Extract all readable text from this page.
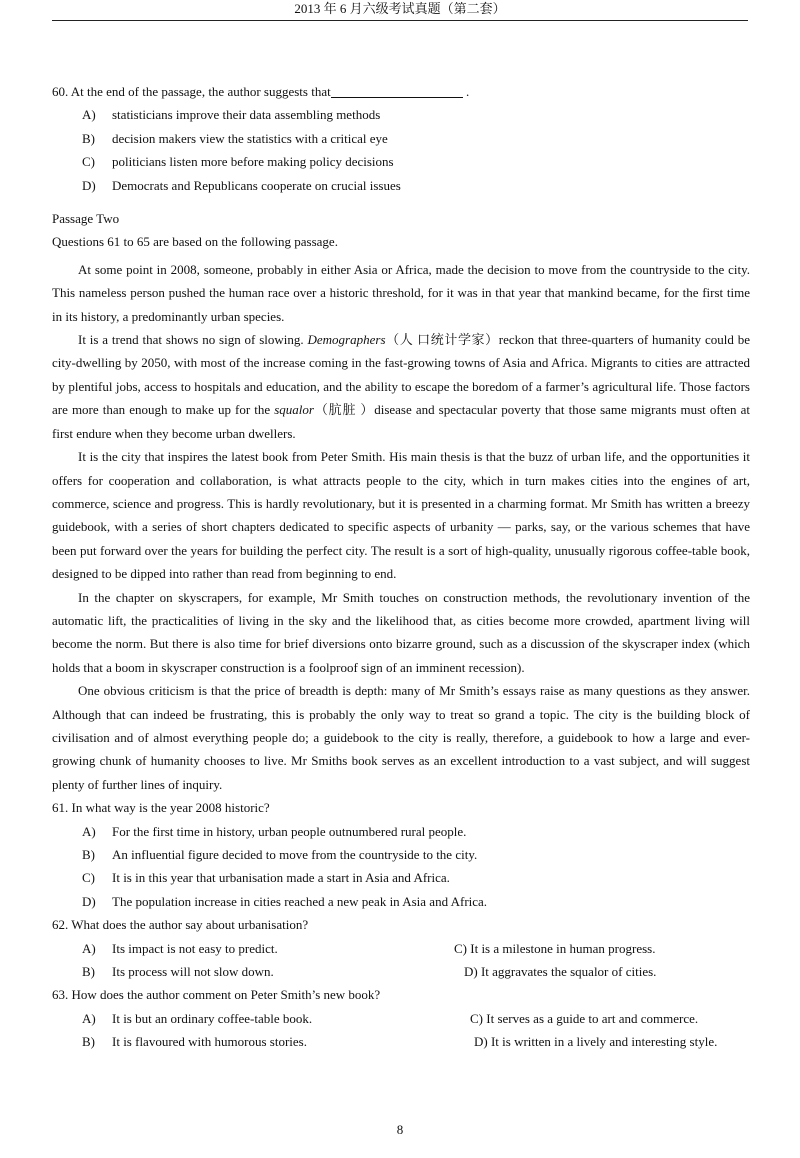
2013 年 6 月六级考试真题（第二套）

60. At the end of the passage, the author suggests that	.

A)	statisticians improve their data assembling methods
B)	decision makers view the statistics with a critical eye
C)	politicians listen more before making policy decisions
D)	Democrats and Republicans cooperate on crucial issues

Passage Two

Questions 61 to 65 are based on the following passage.

At some point in 2008, someone, probably in either Asia or Africa, made the decision to move from the countryside to the city. This nameless person pushed the human race over a historic threshold, for it was in that year that mankind became, for the first time in its history, a predominantly urban species.

It is a trend that shows no sign of slowing. Demographers（人 口统计学家）reckon that three-quarters of humanity could be city-dwelling by 2050, with most of the increase coming in the fast-growing towns of Asia and Africa. Migrants to cities are attracted by plentiful jobs, access to hospitals and education, and the ability to escape the boredom of a farmer’s agricultural life. Those factors are more than enough to make up for the squalor（肮脏 ）disease and spectacular poverty that those same migrants must often at first endure when they become urban dwellers.

It is the city that inspires the latest book from Peter Smith. His main thesis is that the buzz of urban life, and the opportunities it offers for cooperation and collaboration, is what attracts people to the city, which in turn makes cities into the engines of art, commerce, science and progress. This is hardly revolutionary, but it is presented in a charming format. Mr Smith has written a breezy guidebook, with a series of short chapters dedicated to specific aspects of urbanity — parks, say, or the various schemes that have been put forward over the years for building the perfect city. The result is a sort of high-quality, unusually rigorous coffee-table book, designed to be dipped into rather than read from beginning to end.

In the chapter on skyscrapers, for example, Mr Smith touches on construction methods, the revolutionary invention of the automatic lift, the practicalities of living in the sky and the likelihood that, as cities become more crowded, apartment living will become the norm. But there is also time for brief diversions onto bizarre ground, such as a discussion of the skyscraper index (which holds that a boom in skyscraper construction is a foolproof sign of an imminent recession).

One obvious criticism is that the price of breadth is depth: many of Mr Smith’s essays raise as many questions as they answer. Although that can indeed be frustrating, this is probably the only way to treat so grand a topic. The city is the building block of civilisation and of almost everything people do; a guidebook to the city is really, therefore, a guidebook to how a large and ever-growing chunk of humanity chooses to live. Mr Smiths book serves as an excellent introduction to a vast subject, and will suggest plenty of further lines of inquiry.

61. In what way is the year 2008 historic?

A)	For the first time in history, urban people outnumbered rural people.
B)	An influential figure decided to move from the countryside to the city.
C)	It is in this year that urbanisation made a start in Asia and Africa.
D)	The population increase in cities reached a new peak in Asia and Africa.

62. What does the author say about urbanisation?

A)	Its impact is not easy to predict.	C) It is a milestone in human progress.
B)	Its process will not slow down.	D) It aggravates the squalor of cities.

63. How does the author comment on Peter Smith’s new book?

A)	It is but an ordinary coffee-table book.	C) It serves as a guide to art and commerce.
B)	It is flavoured with humorous stories.	D) It is written in a lively and interesting style.
8
